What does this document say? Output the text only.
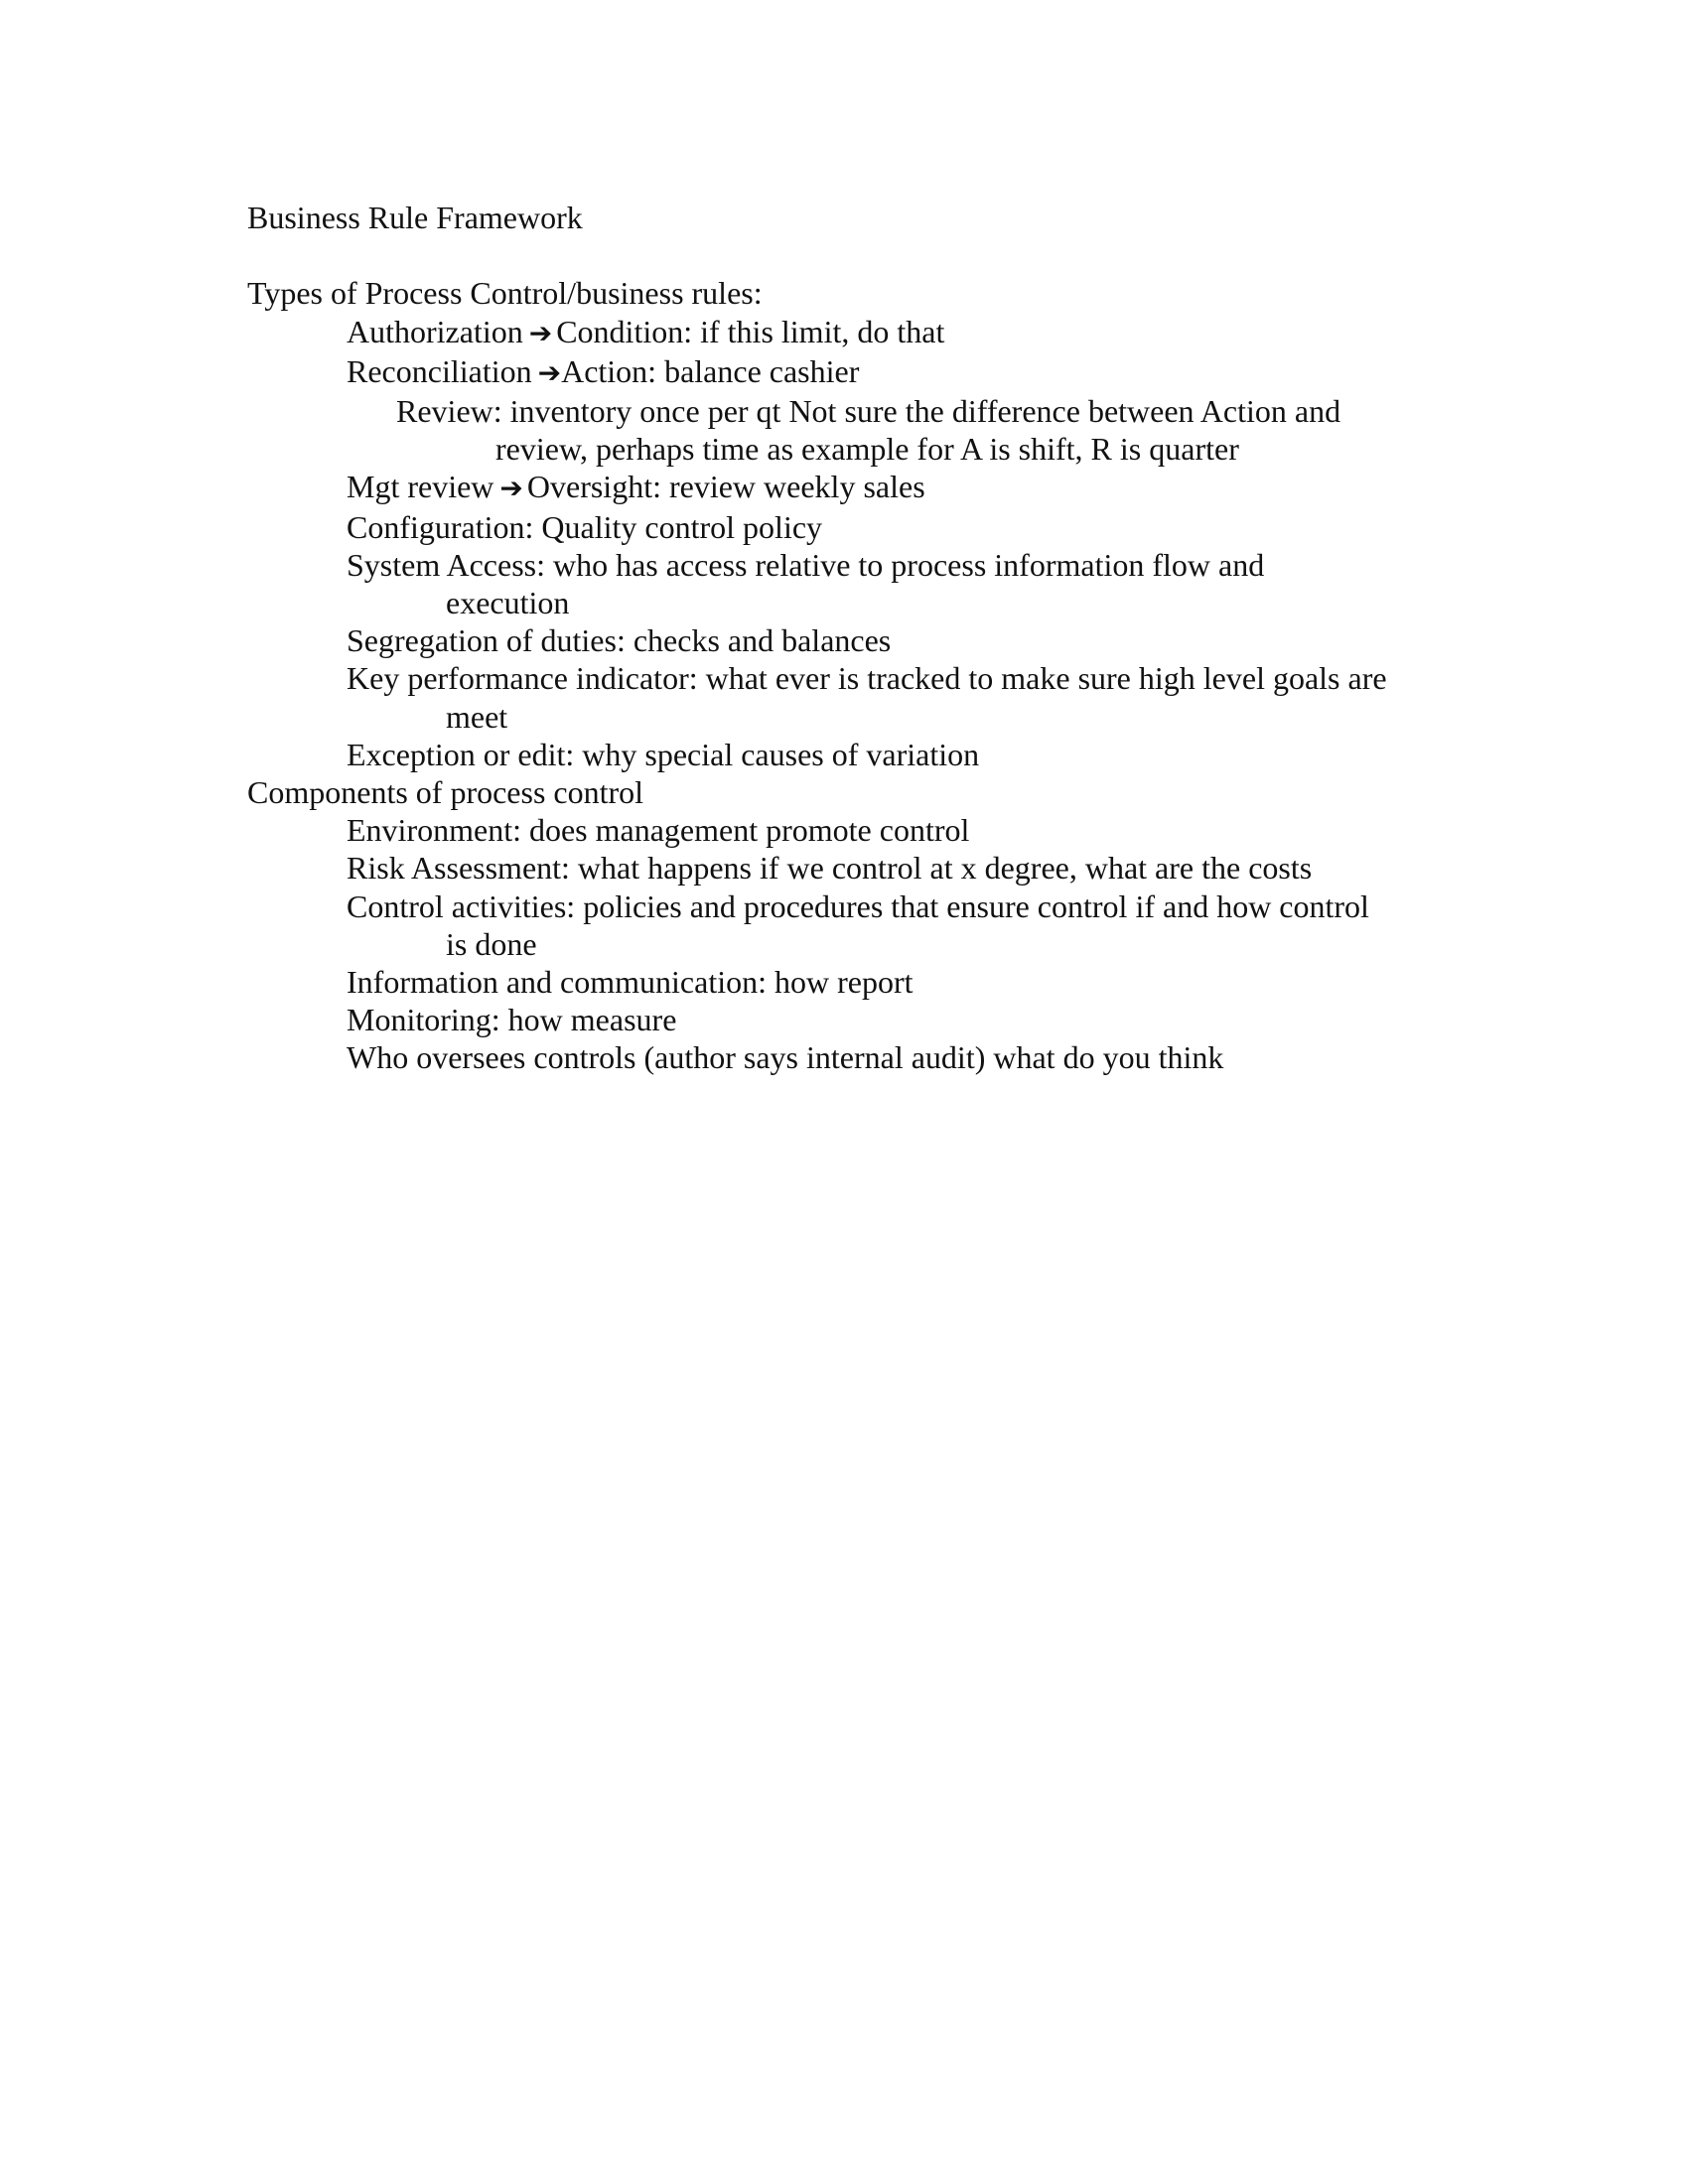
Business Rule Framework

Types of Process Control/business rules:

Authorization ➔ Condition: if this limit, do that

Reconciliation ➔Action: balance cashier

Review: inventory once per qt Not sure the difference between Action and

review, perhaps time as example for A is shift, R is quarter

Mgt review ➔ Oversight: review weekly sales

Configuration: Quality control policy

System Access: who has access relative to process information flow and

execution

Segregation of duties: checks and balances

Key performance indicator: what ever is tracked to make sure high level goals are

meet

Exception or edit: why special causes of variation

Components of process control

Environment: does management promote control

Risk Assessment: what happens if we control at x degree, what are the costs

Control activities: policies and procedures that ensure control if and how control

is done

Information and communication: how report

Monitoring: how measure

Who oversees controls (author says internal audit) what do you think
